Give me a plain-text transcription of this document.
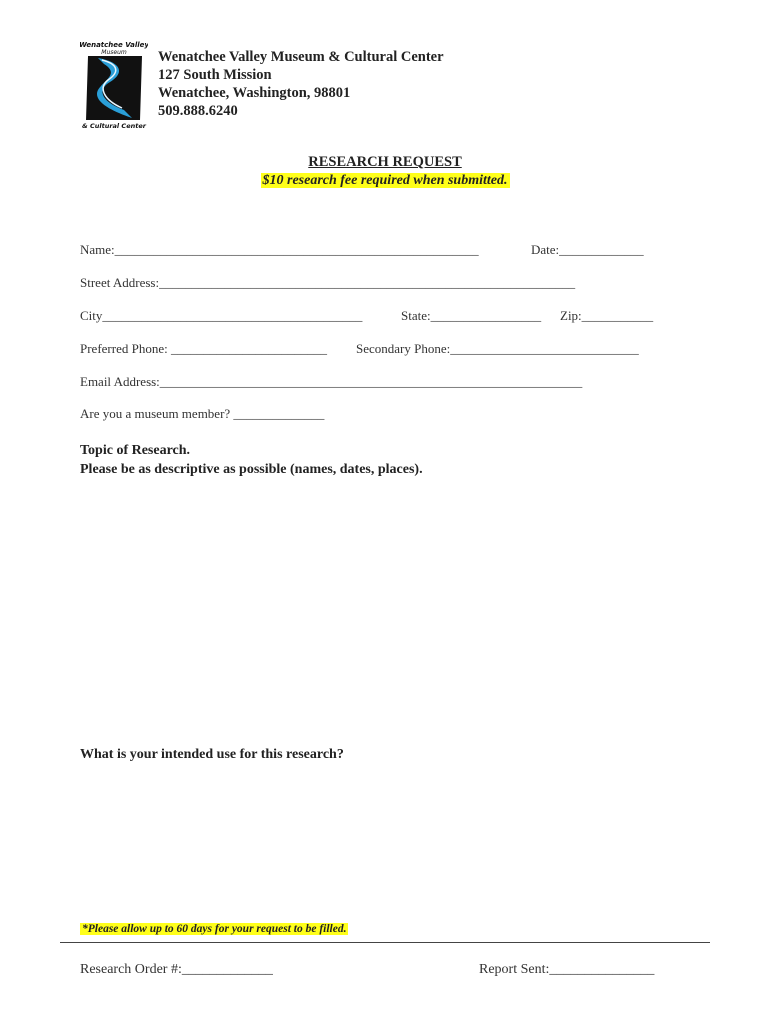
Wenatchee Valley
Museum
& Cultural Center
Wenatchee Valley Museum & Cultural Center
127 South Mission
Wenatchee, Washington, 98801
509.888.6240
RESEARCH REQUEST
$10 research fee required when submitted.
Name:________________________________________________________	Date:_____________
Street Address:________________________________________________________________
City________________________________________	State:_________________ Zip:___________
Preferred Phone: ________________________ Secondary Phone:_____________________________
Email Address:_________________________________________________________________
Are you a museum member? ______________
Topic of Research.
Please be as descriptive as possible (names, dates, places).
What is your intended use for this research?
*Please allow up to 60 days for your request to be filled.
Research Order #:_____________	Report Sent:_______________
